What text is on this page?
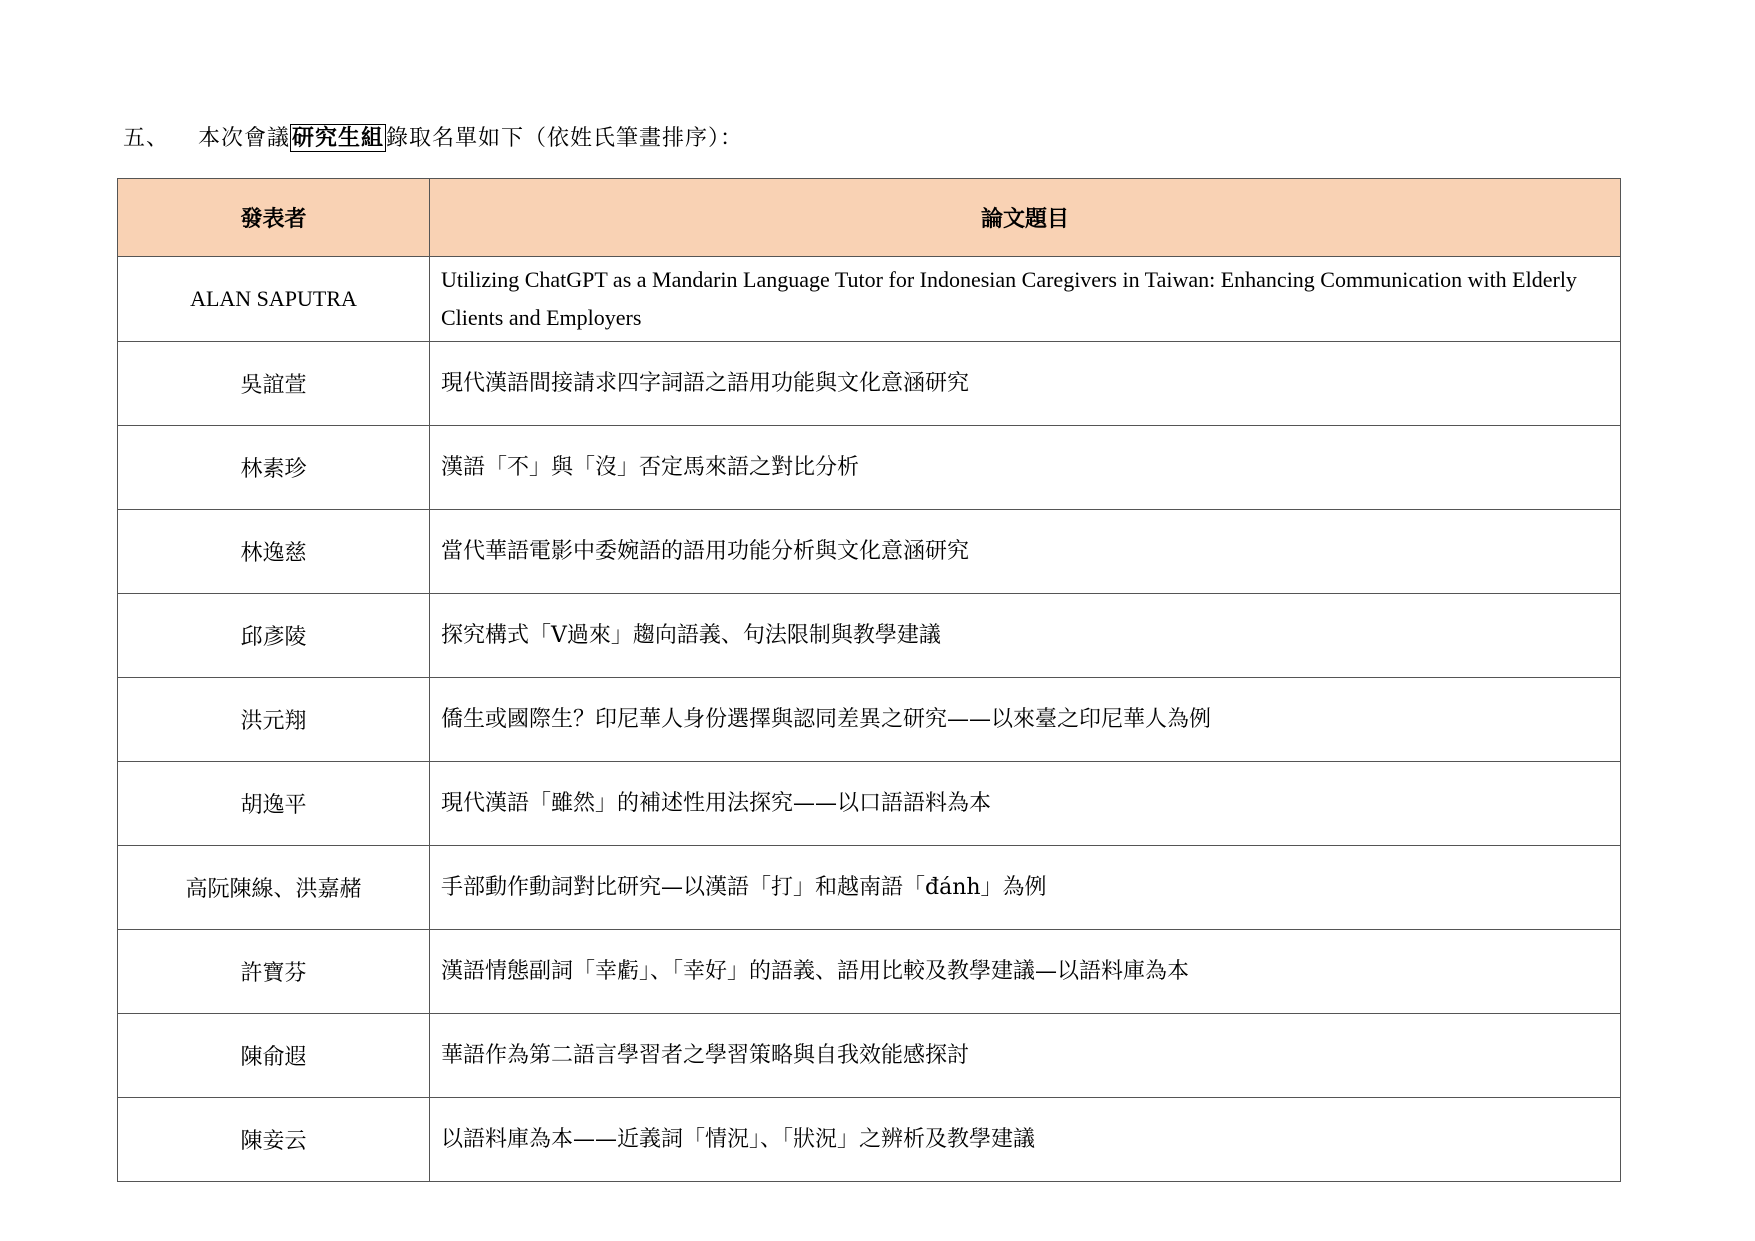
五、 本次會議研究生組錄取名單如下（依姓氏筆畫排序）：
發表者	論文題目
ALAN SAPUTRA	Utilizing ChatGPT as a Mandarin Language Tutor for Indonesian Caregivers in Taiwan: Enhancing Communication with Elderly Clients and Employers
吳誼萱	現代漢語間接請求四字詞語之語用功能與文化意涵研究
林素珍	漢語「不」與「沒」否定馬來語之對比分析
林逸慈	當代華語電影中委婉語的語用功能分析與文化意涵研究
邱彥陵	探究構式「V過來」趨向語義、句法限制與教學建議
洪元翔	僑生或國際生？印尼華人身份選擇與認同差異之研究——以來臺之印尼華人為例
胡逸平	現代漢語「雖然」的補述性用法探究——以口語語料為本
高阮陳線、洪嘉赭	手部動作動詞對比研究—以漢語「打」和越南語「đánh」為例
許寶芬	漢語情態副詞「幸虧」、「幸好」的語義、語用比較及教學建議—以語料庫為本
陳俞遐	華語作為第二語言學習者之學習策略與自我效能感探討
陳妾云	以語料庫為本——近義詞「情況」、「狀況」之辨析及教學建議
